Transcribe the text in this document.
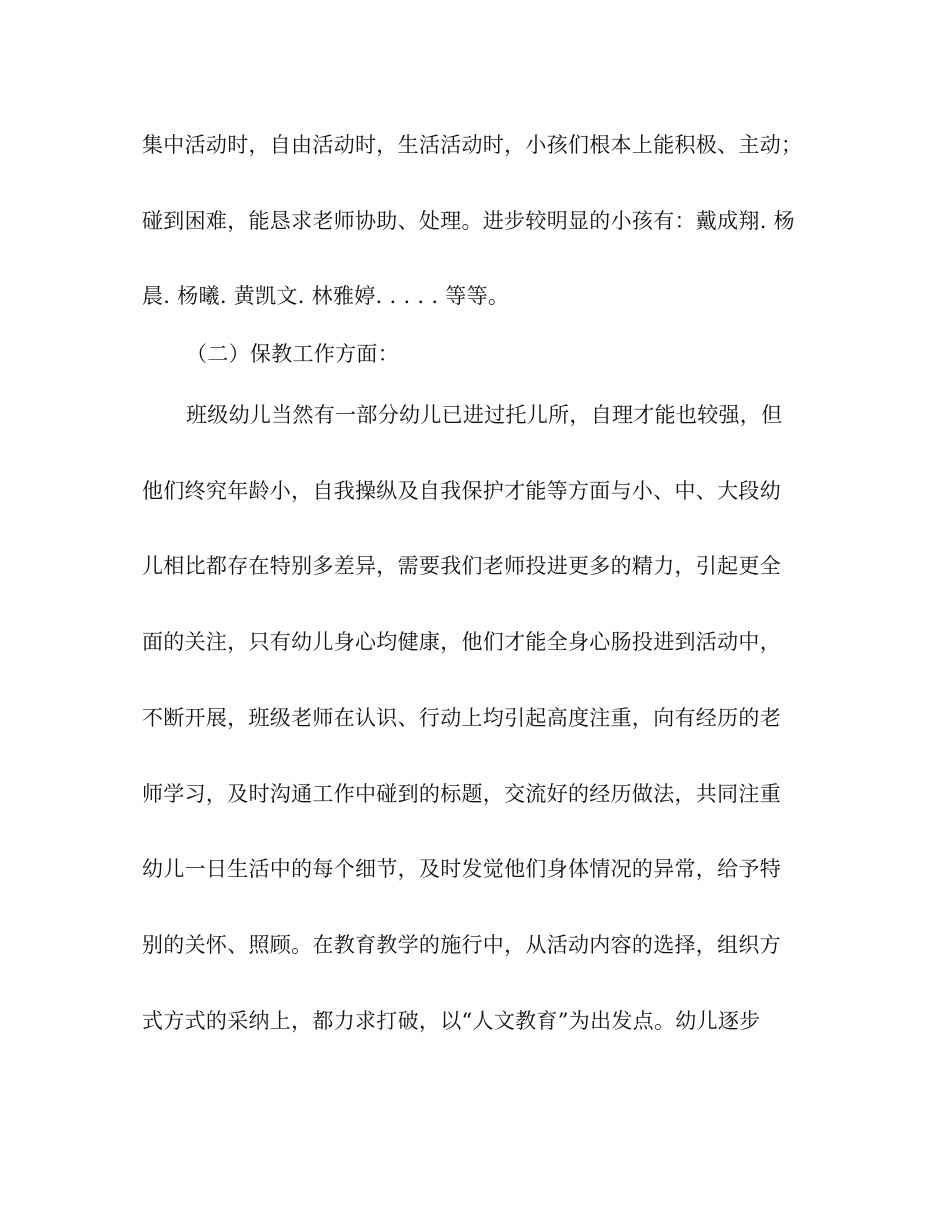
集中活动时，自由活动时，生活活动时，小孩们根本上能积极、主动；
碰到困难，能恳求老师协助、处理。进步较明显的小孩有：戴成翔. 杨
晨. 杨曦. 黄凯文. 林雅婷. . . . . 等等。
（二）保教工作方面：
班级幼儿当然有一部分幼儿已进过托儿所，自理才能也较强，但
他们终究年龄小，自我操纵及自我保护才能等方面与小、中、大段幼
儿相比都存在特别多差异，需要我们老师投进更多的精力，引起更全
面的关注，只有幼儿身心均健康，他们才能全身心肠投进到活动中，
不断开展，班级老师在认识、行动上均引起高度注重，向有经历的老
师学习，及时沟通工作中碰到的标题，交流好的经历做法，共同注重
幼儿一日生活中的每个细节，及时发觉他们身体情况的异常，给予特
别的关怀、照顾。在教育教学的施行中，从活动内容的选择，组织方
式方式的采纳上，都力求打破，以“人文教育”为出发点。幼儿逐步
